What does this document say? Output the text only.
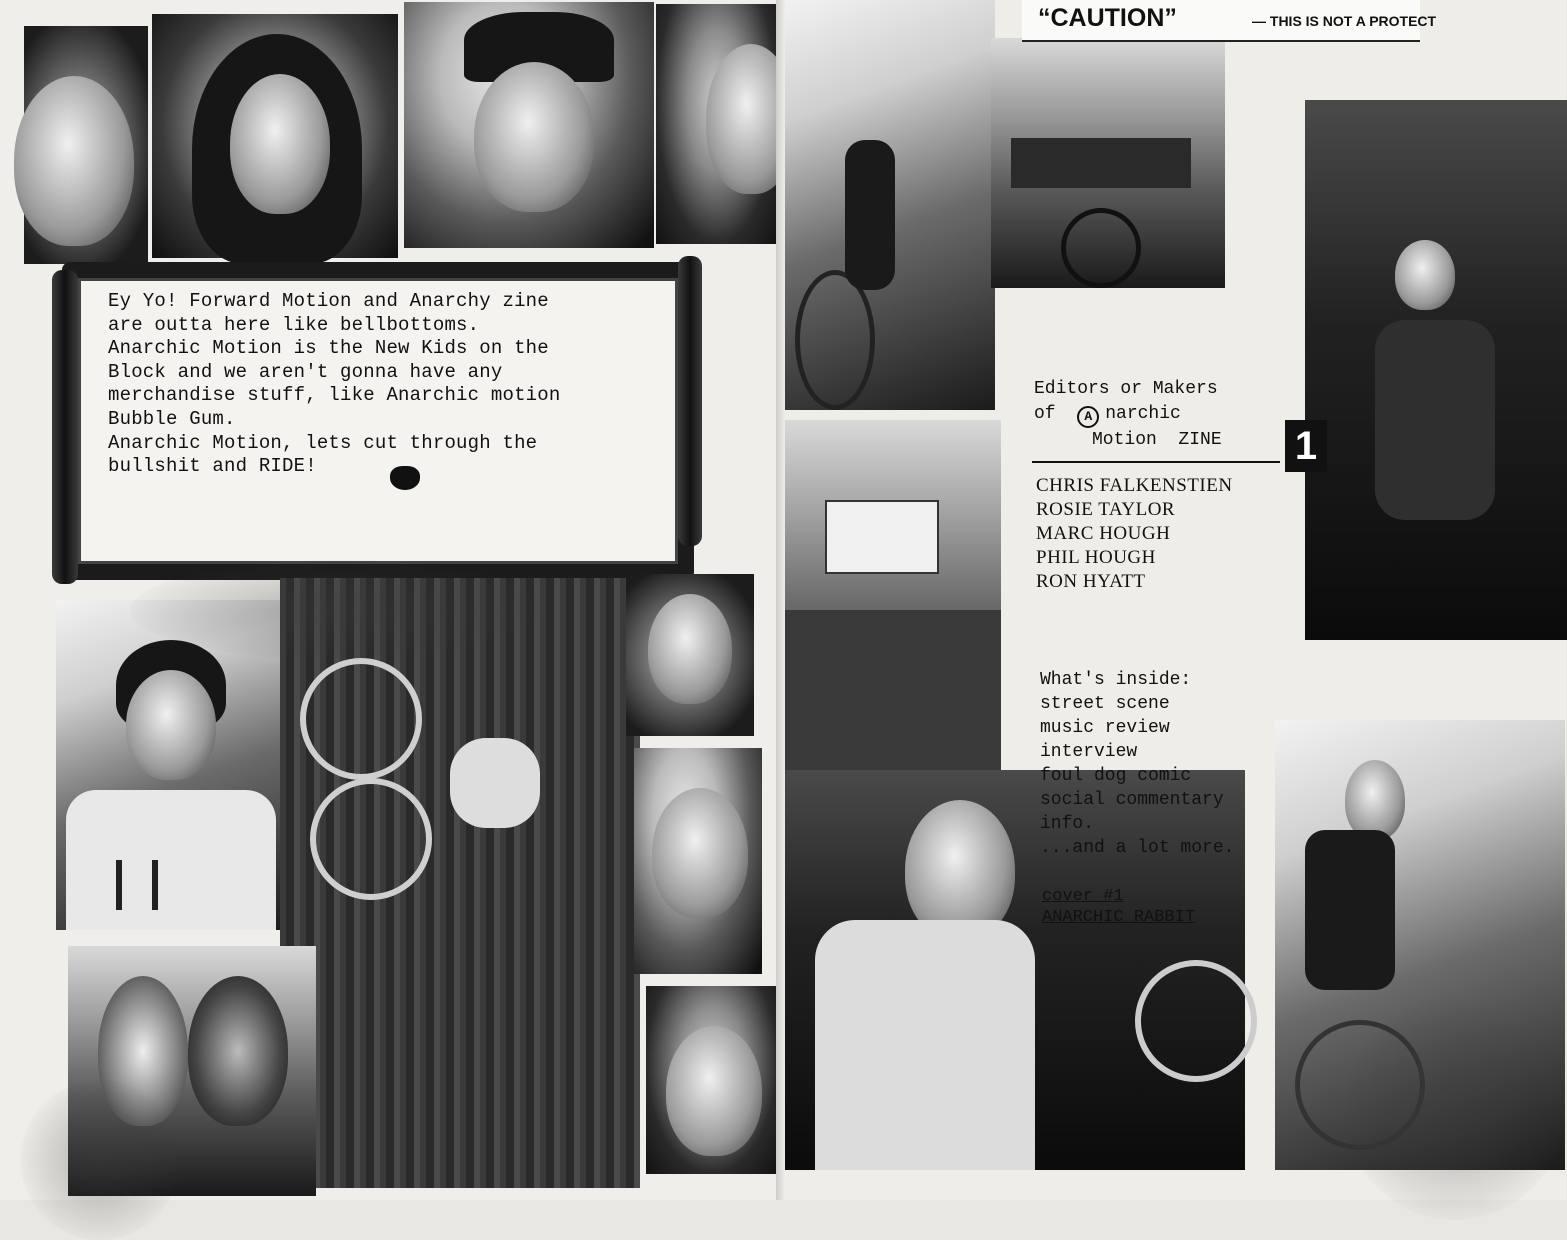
Ey Yo! Forward Motion and Anarchy zine
are outta here like bellbottoms.
Anarchic Motion is the New Kids on the
Block and we aren't gonna have any
merchandise stuff, like Anarchic motion
Bubble Gum.
Anarchic Motion, lets cut through the
bullshit and RIDE!	1
“CAUTION”	— THIS IS NOT A PROTECT
Editors or Makers
of A narchic
Motion  ZINE
CHRIS FALKENSTIEN
ROSIE TAYLOR
MARC HOUGH
PHIL HOUGH
RON HYATT
What's inside:
street scene
music review
interview
foul dog comic
social commentary
info.
...and a lot more.
cover #1
ANARCHIC RABBIT
